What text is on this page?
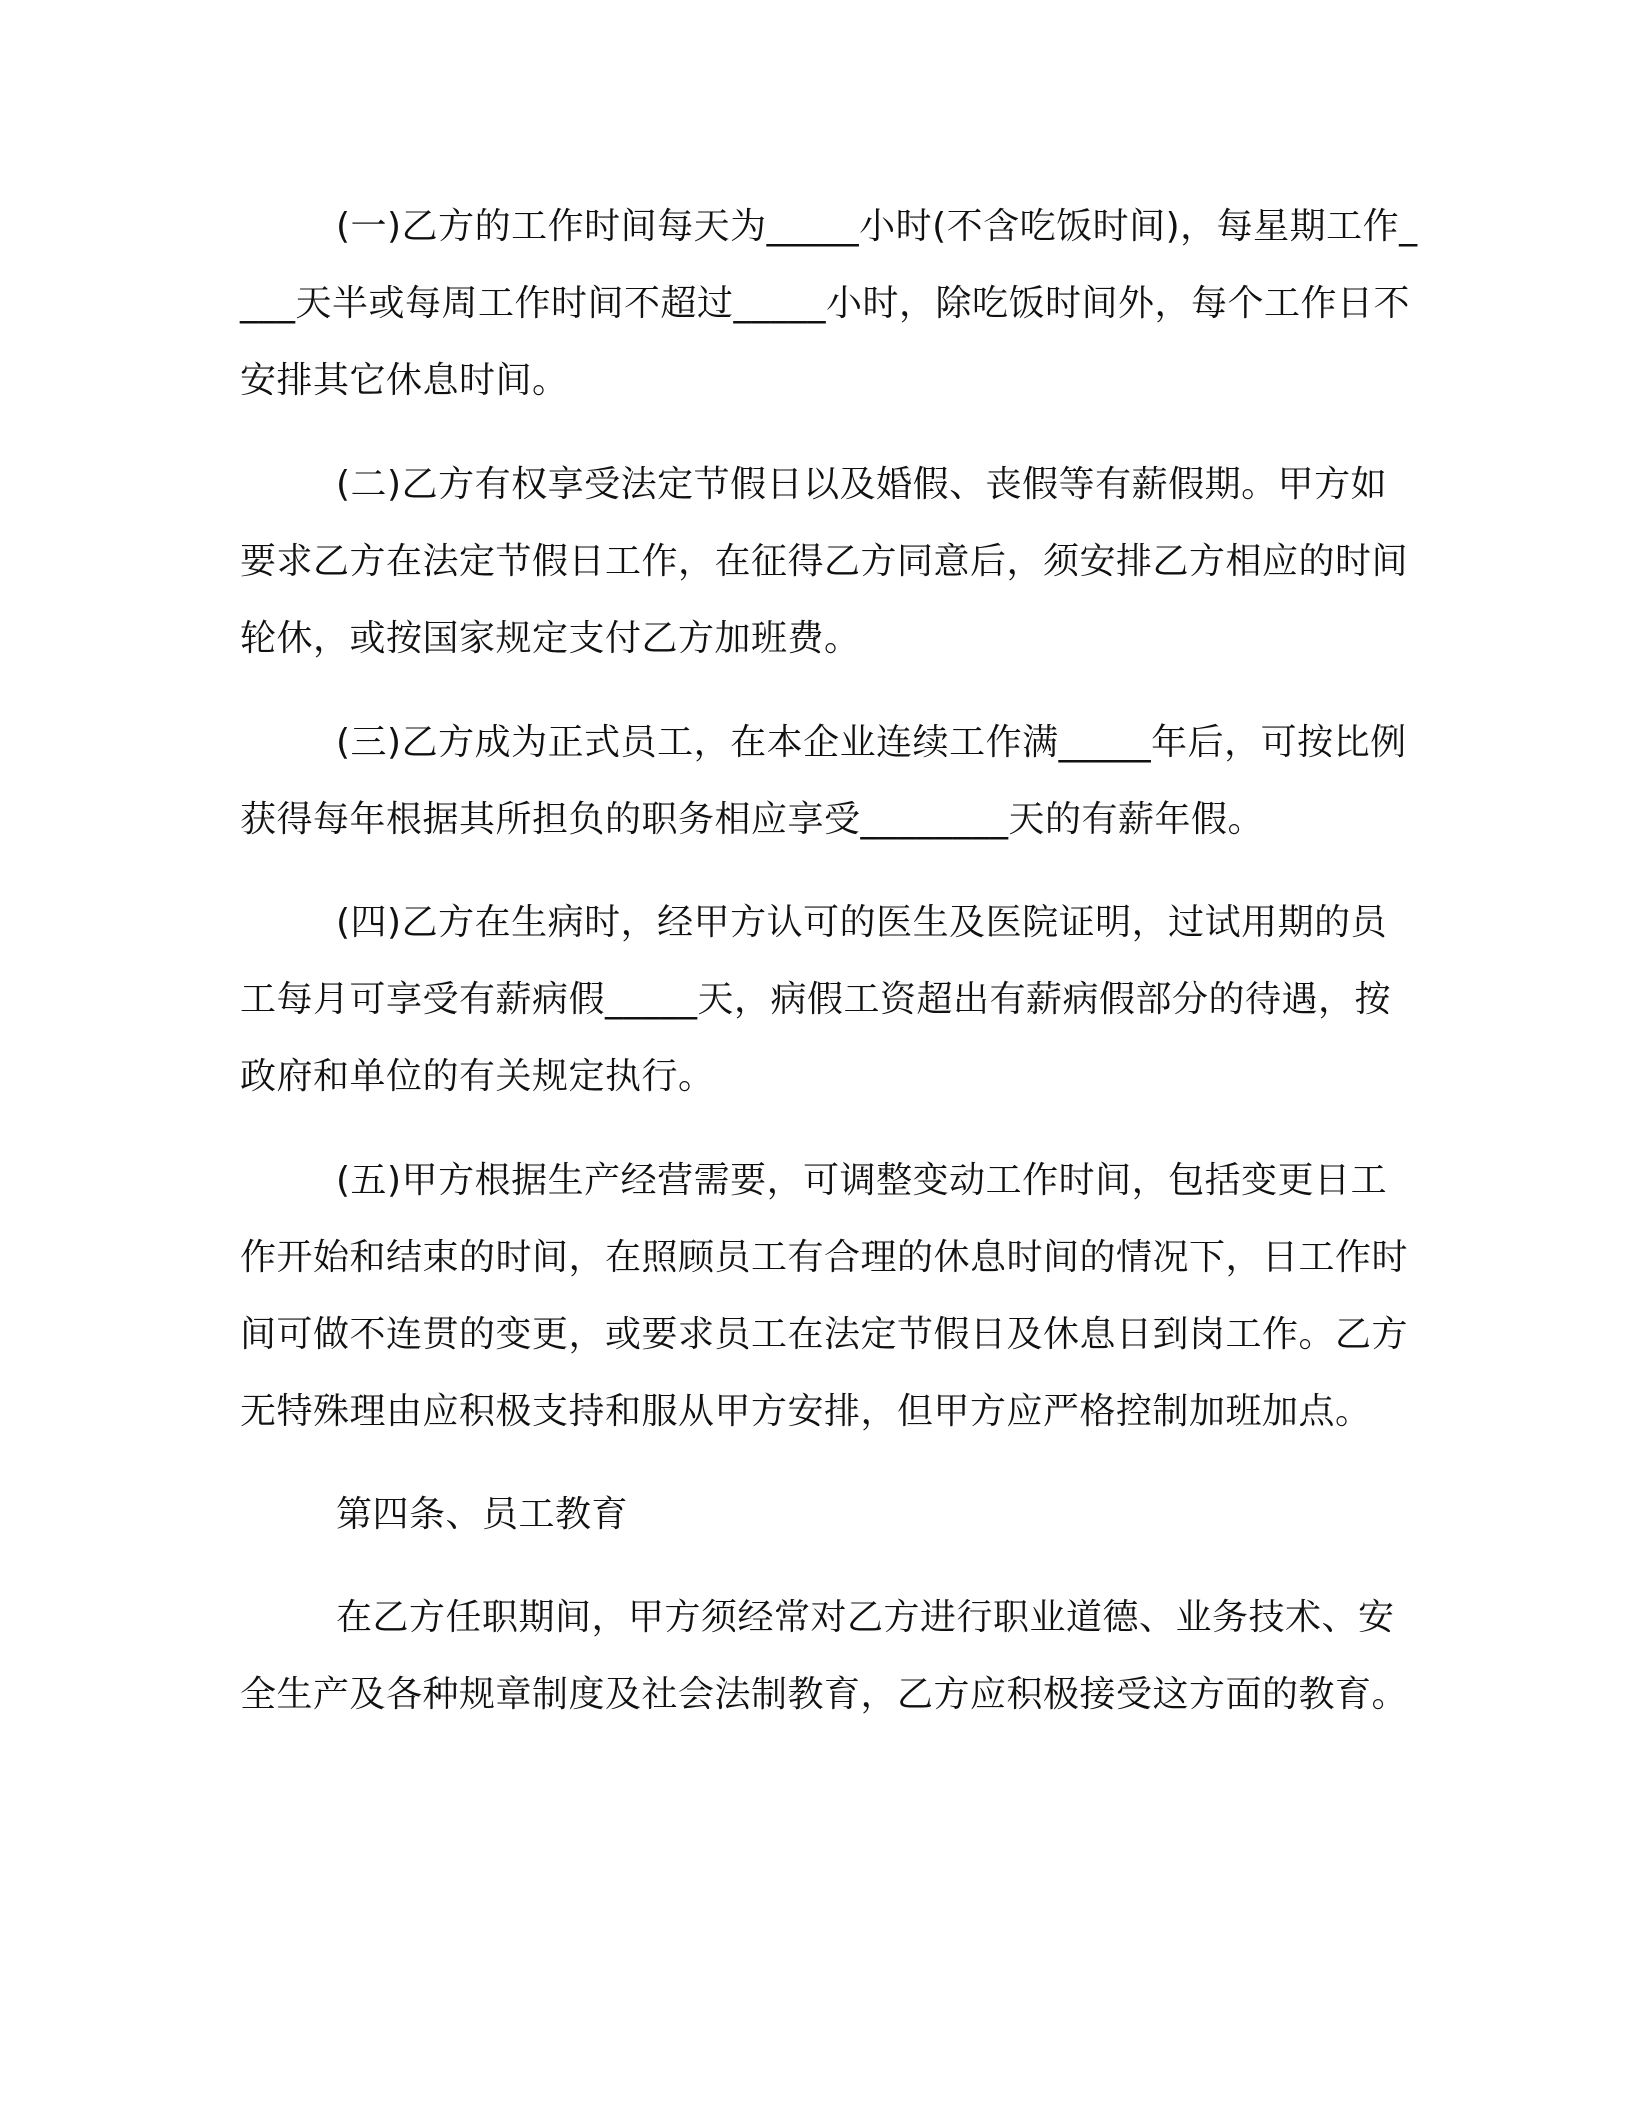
(一)乙方的工作时间每天为_____小时(不含吃饭时间)，每星期工作____天半或每周工作时间不超过_____小时，除吃饭时间外，每个工作日不安排其它休息时间。

(二)乙方有权享受法定节假日以及婚假、丧假等有薪假期。甲方如要求乙方在法定节假日工作，在征得乙方同意后，须安排乙方相应的时间轮休，或按国家规定支付乙方加班费。

(三)乙方成为正式员工，在本企业连续工作满_____年后，可按比例获得每年根据其所担负的职务相应享受________天的有薪年假。

(四)乙方在生病时，经甲方认可的医生及医院证明，过试用期的员工每月可享受有薪病假_____天，病假工资超出有薪病假部分的待遇，按政府和单位的有关规定执行。

(五)甲方根据生产经营需要，可调整变动工作时间，包括变更日工作开始和结束的时间，在照顾员工有合理的休息时间的情况下，日工作时间可做不连贯的变更，或要求员工在法定节假日及休息日到岗工作。乙方无特殊理由应积极支持和服从甲方安排，但甲方应严格控制加班加点。

第四条、员工教育

在乙方任职期间，甲方须经常对乙方进行职业道德、业务技术、安全生产及各种规章制度及社会法制教育，乙方应积极接受这方面的教育。
